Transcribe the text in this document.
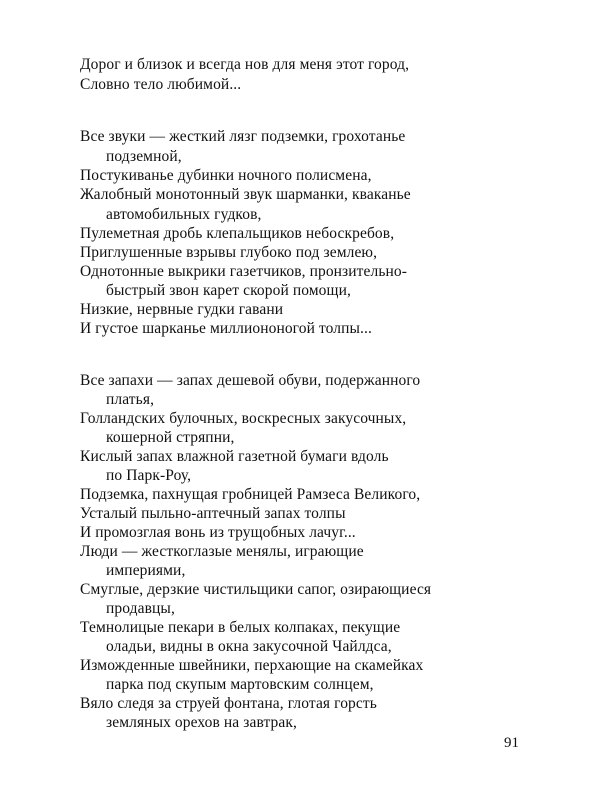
Дорог и близок и всегда нов для меня этот город,
Словно тело любимой...
Все звуки — жесткий лязг подземки, грохотанье
подземной,
Постукиванье дубинки ночного полисмена,
Жалобный монотонный звук шарманки, кваканье
автомобильных гудков,
Пулеметная дробь клепальщиков небоскребов,
Приглушенные взрывы глубоко под землею,
Однотонные выкрики газетчиков, пронзительно-
быстрый звон карет скорой помощи,
Низкие, нервные гудки гавани
И густое шарканье миллиононогой толпы...
Все запахи — запах дешевой обуви, подержанного
платья,
Голландских булочных, воскресных закусочных,
кошерной стряпни,
Кислый запах влажной газетной бумаги вдоль
по Парк-Роу,
Подземка, пахнущая гробницей Рамзеса Великого,
Усталый пыльно-аптечный запах толпы
И промозглая вонь из трущобных лачуг...
Люди — жесткоглазые менялы, играющие
империями,
Смуглые, дерзкие чистильщики сапог, озирающиеся
продавцы,
Темнолицые пекари в белых колпаках, пекущие
оладьи, видны в окна закусочной Чайлдса,
Изможденные швейники, перхающие на скамейках
парка под скупым мартовским солнцем,
Вяло следя за струей фонтана, глотая горсть
земляных орехов на завтрак,
91
